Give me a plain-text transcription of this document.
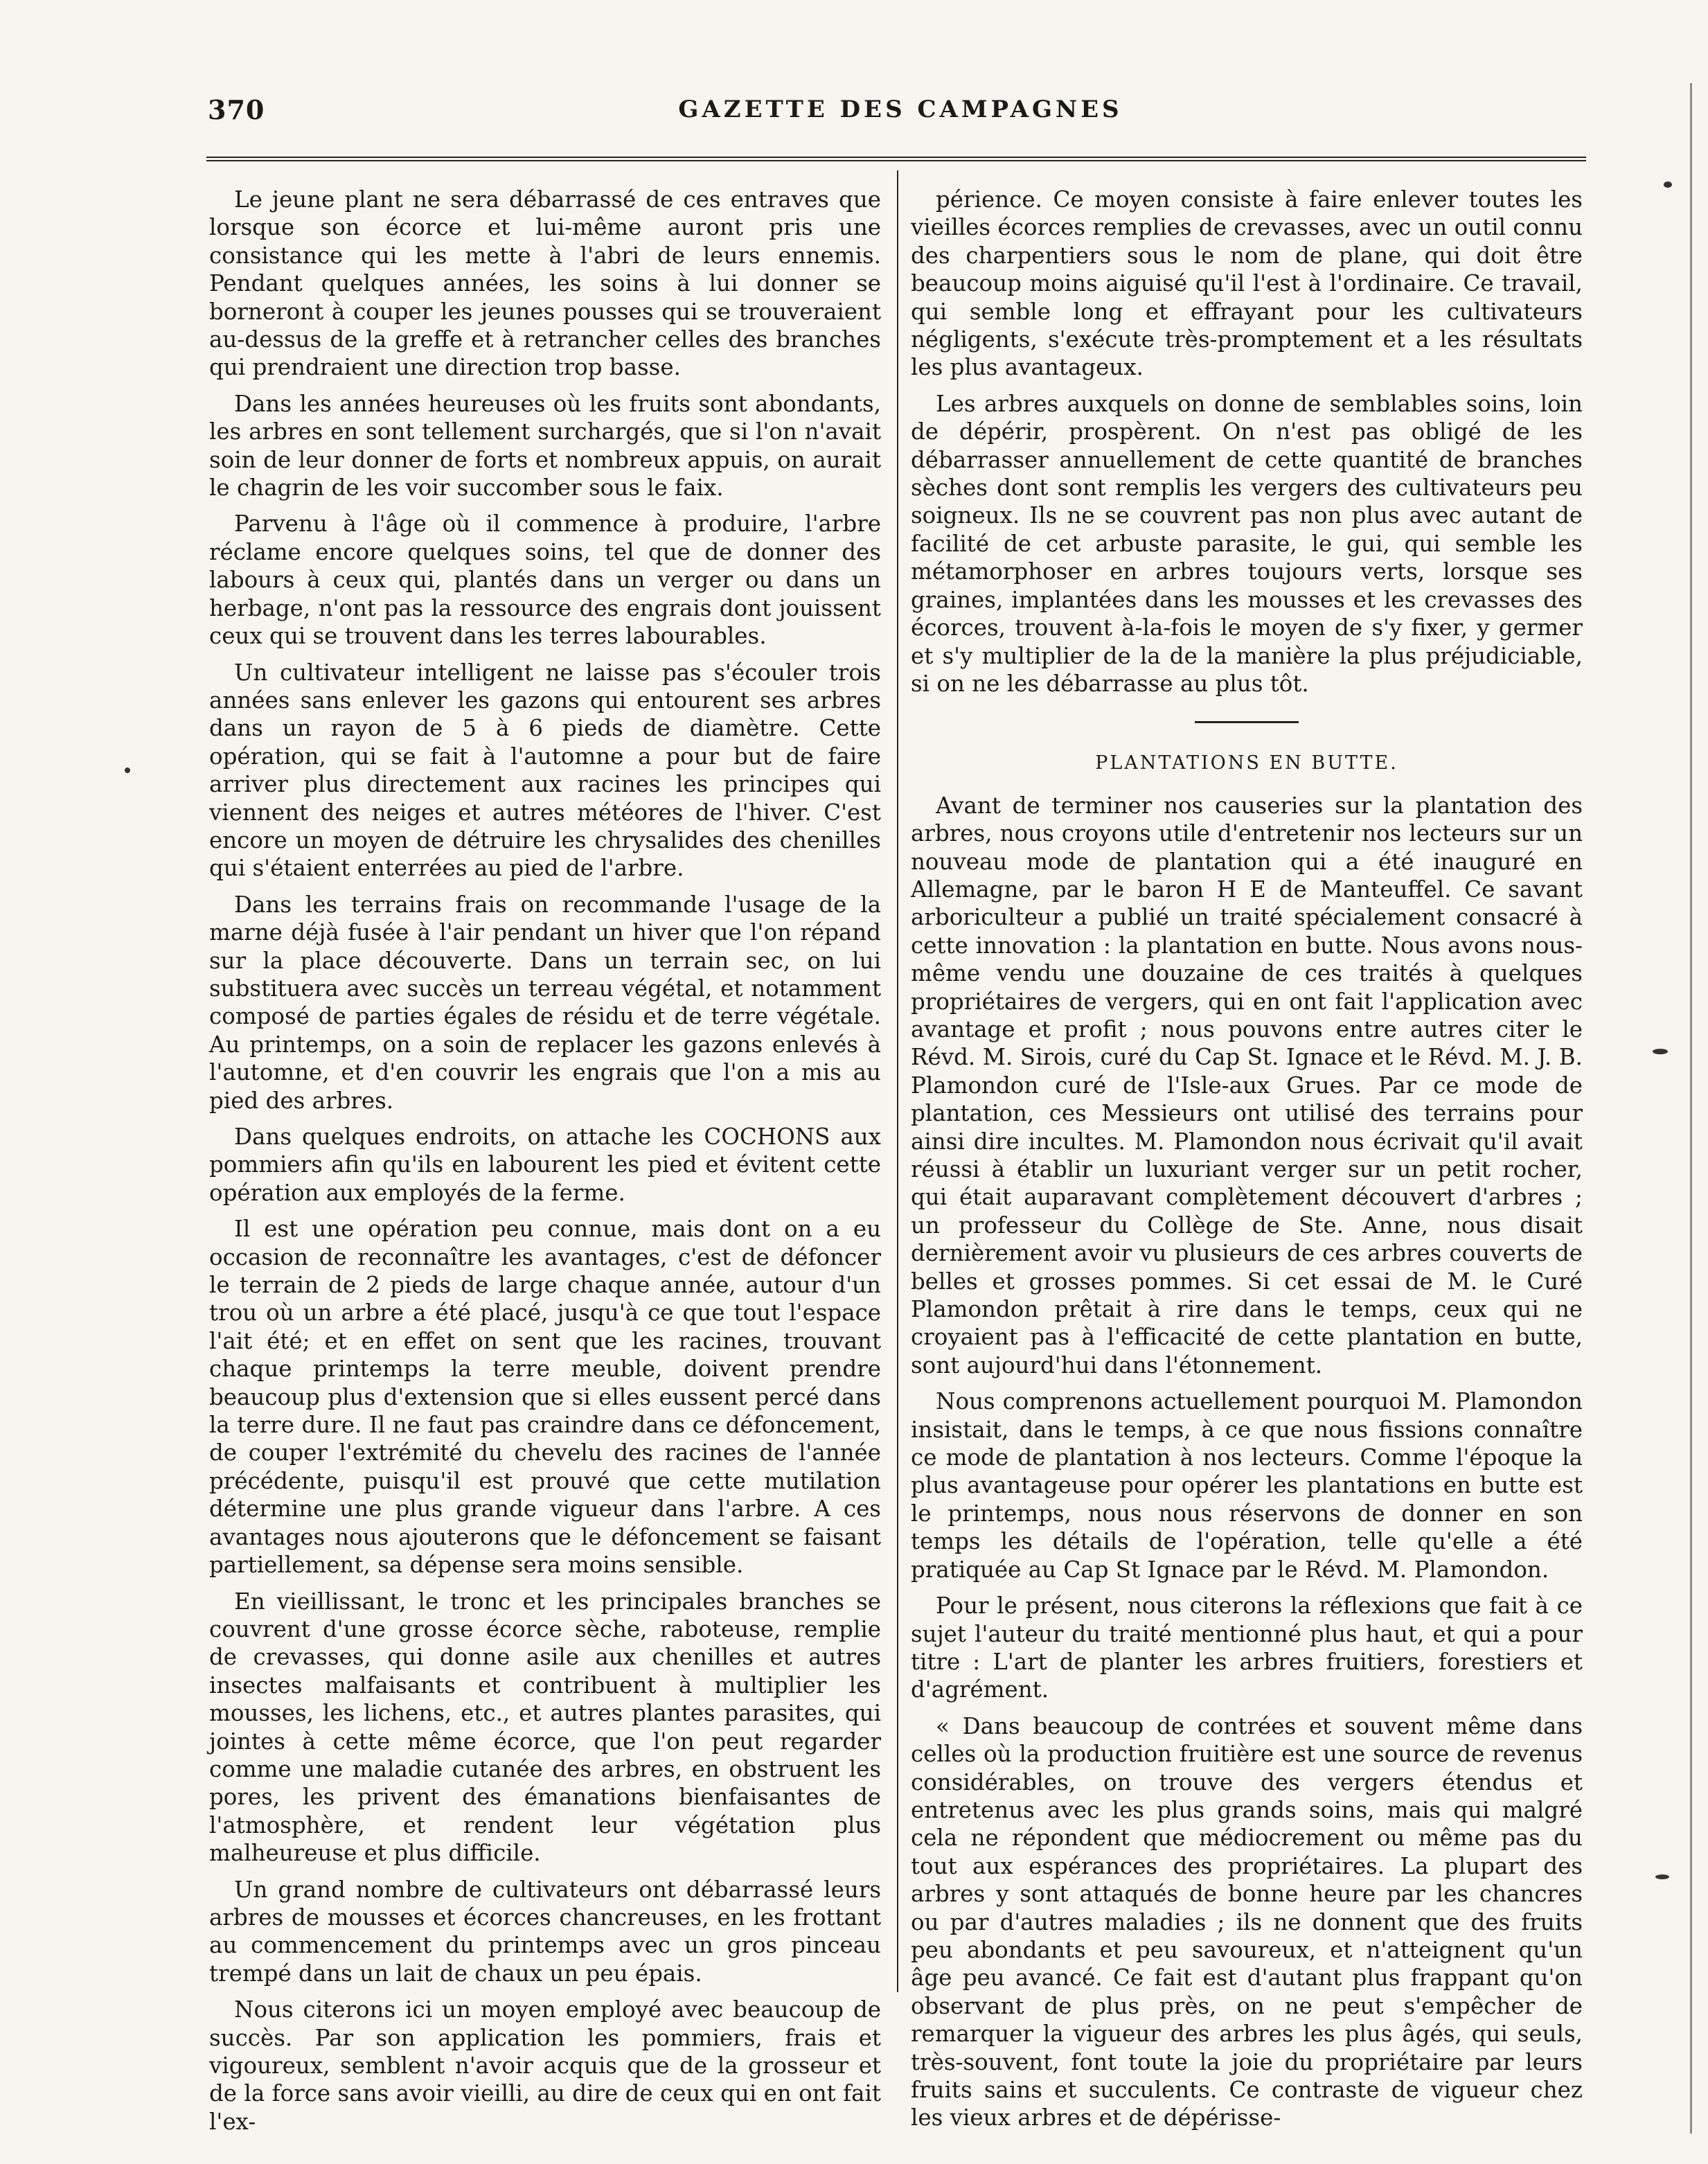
370	GAZETTE DES CAMPAGNES

Le jeune plant ne sera débarrassé de ces entraves que lorsque son écorce et lui-même auront pris une consistance qui les mette à l'abri de leurs ennemis. Pendant quelques années, les soins à lui donner se borneront à couper les jeunes pousses qui se trouveraient au-dessus de la greffe et à retrancher celles des branches qui prendraient une direction trop basse.

Dans les années heureuses où les fruits sont abondants, les arbres en sont tellement surchargés, que si l'on n'avait soin de leur donner de forts et nombreux appuis, on aurait le chagrin de les voir succomber sous le faix.

Parvenu à l'âge où il commence à produire, l'arbre réclame encore quelques soins, tel que de donner des labours à ceux qui, plantés dans un verger ou dans un herbage, n'ont pas la ressource des engrais dont jouissent ceux qui se trouvent dans les terres labourables.

Un cultivateur intelligent ne laisse pas s'écouler trois années sans enlever les gazons qui entourent ses arbres dans un rayon de 5 à 6 pieds de diamètre. Cette opération, qui se fait à l'automne a pour but de faire arriver plus directement aux racines les principes qui viennent des neiges et autres météores de l'hiver. C'est encore un moyen de détruire les chrysalides des chenilles qui s'étaient enterrées au pied de l'arbre.

Dans les terrains frais on recommande l'usage de la marne déjà fusée à l'air pendant un hiver que l'on répand sur la place découverte. Dans un terrain sec, on lui substituera avec succès un terreau végétal, et notamment composé de parties égales de résidu et de terre végétale. Au printemps, on a soin de replacer les gazons enlevés à l'automne, et d'en couvrir les engrais que l'on a mis au pied des arbres.

Dans quelques endroits, on attache les COCHONS aux pommiers afin qu'ils en labourent les pied et évitent cette opération aux employés de la ferme.

Il est une opération peu connue, mais dont on a eu occasion de reconnaître les avantages, c'est de défoncer le terrain de 2 pieds de large chaque année, autour d'un trou où un arbre a été placé, jusqu'à ce que tout l'espace l'ait été; et en effet on sent que les racines, trouvant chaque printemps la terre meuble, doivent prendre beaucoup plus d'extension que si elles eussent percé dans la terre dure. Il ne faut pas craindre dans ce défoncement, de couper l'extrémité du chevelu des racines de l'année précédente, puisqu'il est prouvé que cette mutilation détermine une plus grande vigueur dans l'arbre. A ces avantages nous ajouterons que le défoncement se faisant partiellement, sa dépense sera moins sensible.

En vieillissant, le tronc et les principales branches se couvrent d'une grosse écorce sèche, raboteuse, remplie de crevasses, qui donne asile aux chenilles et autres insectes malfaisants et contribuent à multiplier les mousses, les lichens, etc., et autres plantes parasites, qui jointes à cette même écorce, que l'on peut regarder comme une maladie cutanée des arbres, en obstruent les pores, les privent des émanations bienfaisantes de l'atmosphère, et rendent leur végétation plus malheureuse et plus difficile.

Un grand nombre de cultivateurs ont débarrassé leurs arbres de mousses et écorces chancreuses, en les frottant au commencement du printemps avec un gros pinceau trempé dans un lait de chaux un peu épais.

Nous citerons ici un moyen employé avec beaucoup de succès. Par son application les pommiers, frais et vigoureux, semblent n'avoir acquis que de la grosseur et de la force sans avoir vieilli, au dire de ceux qui en ont fait l'ex-

périence. Ce moyen consiste à faire enlever toutes les vieilles écorces remplies de crevasses, avec un outil connu des charpentiers sous le nom de plane, qui doit être beaucoup moins aiguisé qu'il l'est à l'ordinaire. Ce travail, qui semble long et effrayant pour les cultivateurs négligents, s'exécute très-promptement et a les résultats les plus avantageux.

Les arbres auxquels on donne de semblables soins, loin de dépérir, prospèrent. On n'est pas obligé de les débarrasser annuellement de cette quantité de branches sèches dont sont remplis les vergers des cultivateurs peu soigneux. Ils ne se couvrent pas non plus avec autant de facilité de cet arbuste parasite, le gui, qui semble les métamorphoser en arbres toujours verts, lorsque ses graines, implantées dans les mousses et les crevasses des écorces, trouvent à-la-fois le moyen de s'y fixer, y germer et s'y multiplier de la de la manière la plus préjudiciable, si on ne les débarrasse au plus tôt.

PLANTATIONS EN BUTTE.

Avant de terminer nos causeries sur la plantation des arbres, nous croyons utile d'entretenir nos lecteurs sur un nouveau mode de plantation qui a été inauguré en Allemagne, par le baron H E de Manteuffel. Ce savant arboriculteur a publié un traité spécialement consacré à cette innovation : la plantation en butte. Nous avons nous-même vendu une douzaine de ces traités à quelques propriétaires de vergers, qui en ont fait l'application avec avantage et profit ; nous pouvons entre autres citer le Révd. M. Sirois, curé du Cap St. Ignace et le Révd. M. J. B. Plamondon curé de l'Isle-aux Grues. Par ce mode de plantation, ces Messieurs ont utilisé des terrains pour ainsi dire incultes. M. Plamondon nous écrivait qu'il avait réussi à établir un luxuriant verger sur un petit rocher, qui était auparavant complètement découvert d'arbres ; un professeur du Collège de Ste. Anne, nous disait dernièrement avoir vu plusieurs de ces arbres couverts de belles et grosses pommes. Si cet essai de M. le Curé Plamondon prêtait à rire dans le temps, ceux qui ne croyaient pas à l'efficacité de cette plantation en butte, sont aujourd'hui dans l'étonnement.

Nous comprenons actuellement pourquoi M. Plamondon insistait, dans le temps, à ce que nous fissions connaître ce mode de plantation à nos lecteurs. Comme l'époque la plus avantageuse pour opérer les plantations en butte est le printemps, nous nous réservons de donner en son temps les détails de l'opération, telle qu'elle a été pratiquée au Cap St Ignace par le Révd. M. Plamondon.

Pour le présent, nous citerons la réflexions que fait à ce sujet l'auteur du traité mentionné plus haut, et qui a pour titre : L'art de planter les arbres fruitiers, forestiers et d'agrément.

« Dans beaucoup de contrées et souvent même dans celles où la production fruitière est une source de revenus considérables, on trouve des vergers étendus et entretenus avec les plus grands soins, mais qui malgré cela ne répondent que médiocrement ou même pas du tout aux espérances des propriétaires. La plupart des arbres y sont attaqués de bonne heure par les chancres ou par d'autres maladies ; ils ne donnent que des fruits peu abondants et peu savoureux, et n'atteignent qu'un âge peu avancé. Ce fait est d'autant plus frappant qu'on observant de plus près, on ne peut s'empêcher de remarquer la vigueur des arbres les plus âgés, qui seuls, très-souvent, font toute la joie du propriétaire par leurs fruits sains et succulents. Ce contraste de vigueur chez les vieux arbres et de dépérisse-
